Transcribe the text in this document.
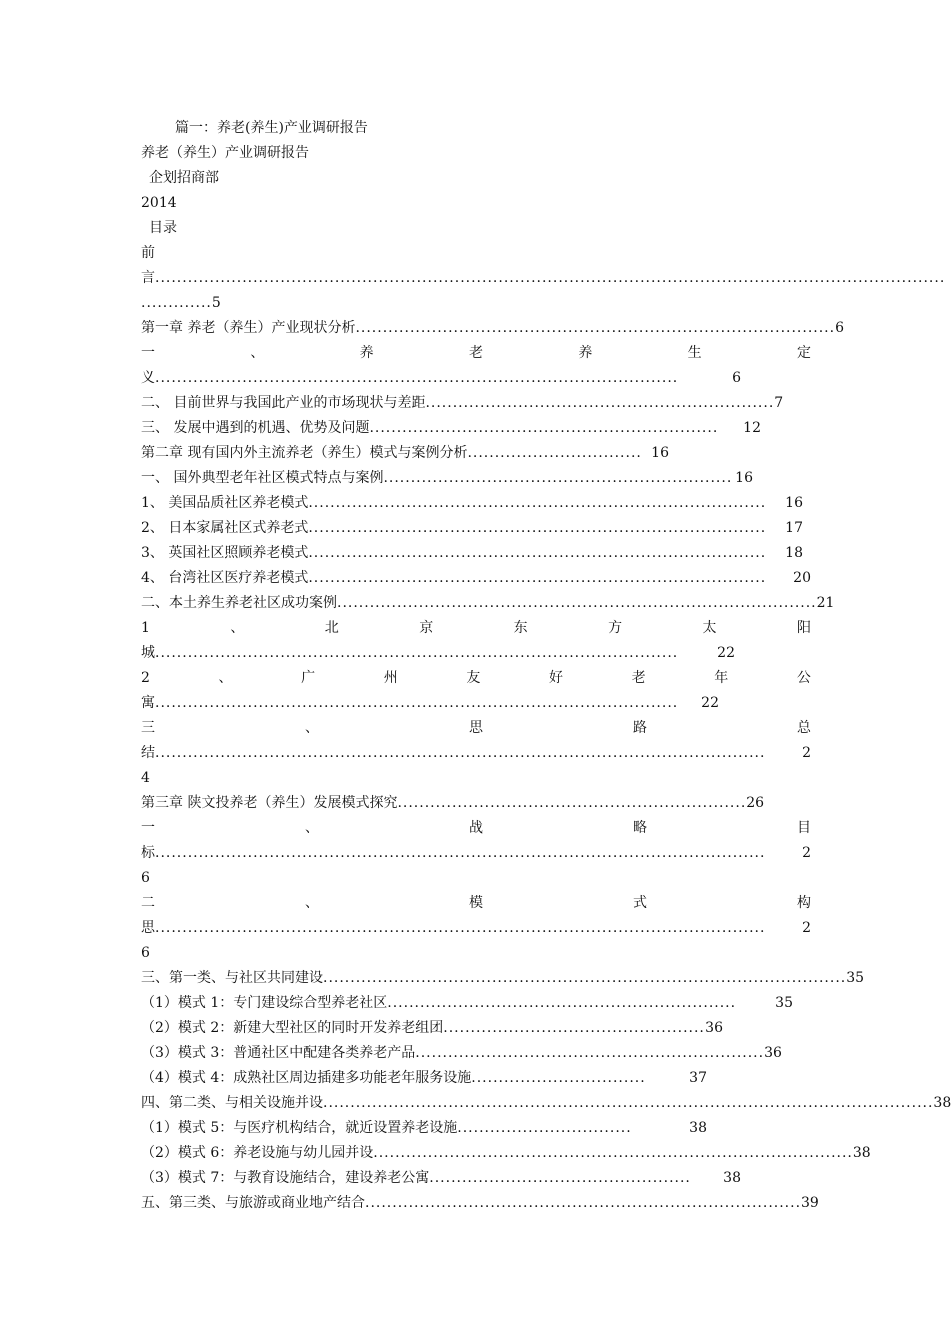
篇一：养老(养生)产业调研报告
养老（养生）产业调研报告
企划招商部
2014
目录
前
言 .................................................................................................................................................
............. 5
第一章 养老（养生）产业现状分析 ........................................................................................ 6
一	、	养	老	养	生	定
义 ................................................................................................	6
二、 目前世界与我国此产业的市场现状与差距 ................................................................ 7
三、 发展中遇到的机遇、优势及问题 ................................................................	12
第二章 现有国内外主流养老（养生）模式与案例分析 ................................ 16
一、 国外典型老年社区模式特点与案例 ................................................................ 16
1、 美国品质社区养老模式 ....................................................................................	16
2、 日本家属社区式养老式 ....................................................................................	17
3、 英国社区照顾养老模式 ....................................................................................	18
4、 台湾社区医疗养老模式 ....................................................................................	20
二、本土养生养老社区成功案例 ........................................................................................ 21
1	、	北	京	东	方	太	阳
城 ................................................................................................	22
2	、	广	州	友	好	老	年	公
寓 ................................................................................................	22
三	、	思	路	总
结 ................................................................................................................	2
4
第三章 陕文投养老（养生）发展模式探究 ................................................................ 26
一	、	战	略	目
标 ................................................................................................................	2
6
二	、	模	式	构
思 ................................................................................................................	2
6
三、第一类、与社区共同建设 ................................................................................................ 35
（1）模式 1：专门建设综合型养老社区 ................................................................	35
（2）模式 2：新建大型社区的同时开发养老组团 ................................................ 36
（3）模式 3：普通社区中配建各类养老产品 ................................................................ 36
（4）模式 4：成熟社区周边插建多功能老年服务设施 ................................	37
四、第二类、与相关设施并设 ................................................................................................................ 38
（1）模式 5：与医疗机构结合，就近设置养老设施 ................................	38
（2）模式 6：养老设施与幼儿园并设 ........................................................................................ 38
（3）模式 7：与教育设施结合，建设养老公寓 ................................................	38
五、第三类、与旅游或商业地产结合 ................................................................................ 39
